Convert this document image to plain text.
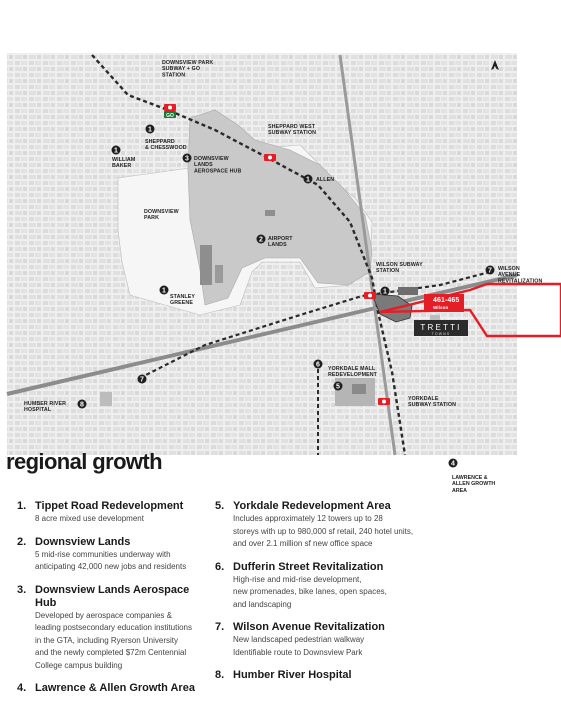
461-465
Wilson
TRETTI
TOWNS
GO
1
1
1
1
1
3
2
6
5
7
7
8
4
N
DOWNSVIEW PARK SUBWAY + GO STATION
SHEPPARD WEST SUBWAY STATION
SHEPPARD & CHESSWOOD
WILLIAM BAKER
DOWNSVIEW LANDS AEROSPACE HUB
ALLEN
DOWNSVIEW PARK
AIRPORT LANDS
WILSON SUBWAY STATION	WILSON AVENUE REVITALIZATION
STANLEY GREENE
YORKDALE MALL REDEVELOPMENT
HUMBER RIVER HOSPITAL
YORKDALE SUBWAY STATION
LAWRENCE &
ALLEN GROWTH
AREA
regional growth
1. Tippet Road Redevelopment
8 acre mixed use development
2. Downsview Lands
5 mid-rise communities underway with
anticipating 42,000 new jobs and residents
3. Downsview Lands Aerospace Hub
Developed by aerospace companies &
leading postsecondary education institutions
in the GTA, including Ryerson University
and the newly completed $72m Centennial
College campus building
4. Lawrence & Allen Growth Area
5. Yorkdale Redevelopment Area
Includes approximately 12 towers up to 28
storeys with up to 980,000 sf retail, 240 hotel units,
and over 2.1 million sf new office space
6. Dufferin Street Revitalization
High-rise and mid-rise development,
new promenades, bike lanes, open spaces,
and landscaping
7. Wilson Avenue Revitalization
New landscaped pedestrian walkway
Identifiable route to Downsview Park
8. Humber River Hospital
